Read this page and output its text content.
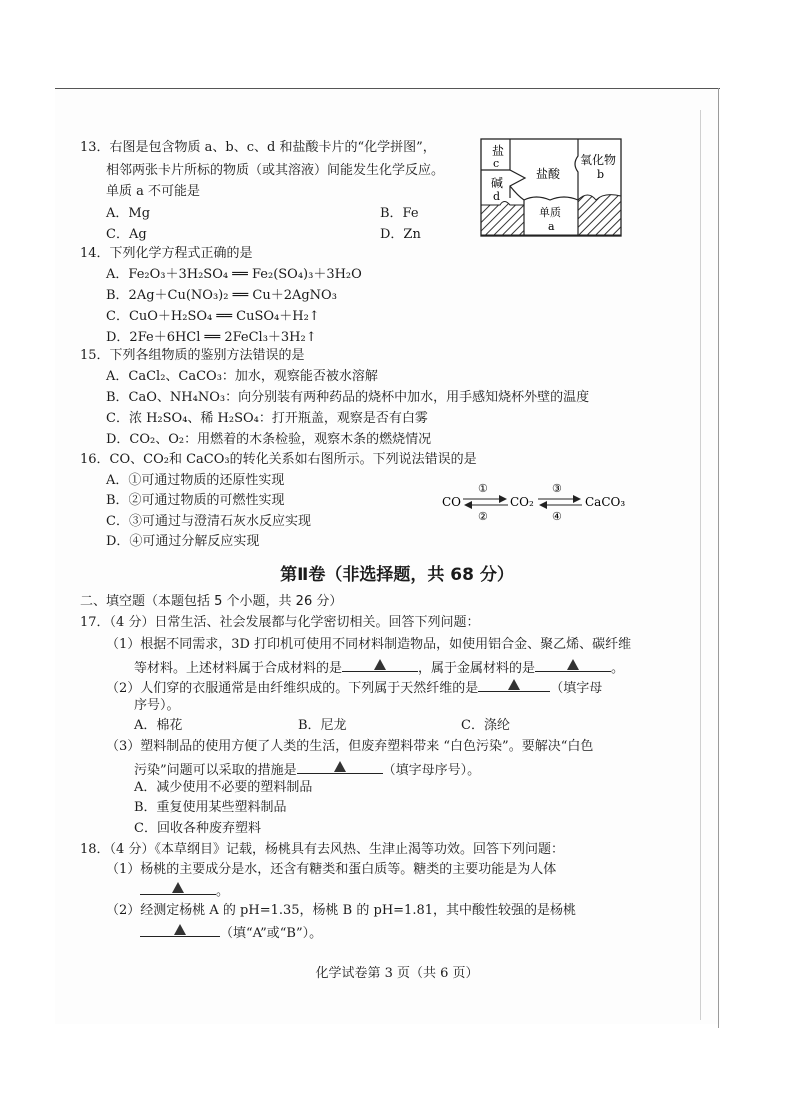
13．右图是包含物质 a、b、c、d 和盐酸卡片的“化学拼图”，
相邻两张卡片所标的物质（或其溶液）间能发生化学反应。
单质 a 不可能是
A．Mg	B．Fe
C．Ag	D．Zn
盐
c
碱
d
盐酸
氧化物
b
单质
a
14．下列化学方程式正确的是
A．Fe₂O₃＋3H₂SO₄ ══ Fe₂(SO₄)₃＋3H₂O
B．2Ag＋Cu(NO₃)₂ ══ Cu＋2AgNO₃
C．CuO＋H₂SO₄ ══ CuSO₄＋H₂↑
D．2Fe＋6HCl ══ 2FeCl₃＋3H₂↑
15．下列各组物质的鉴别方法错误的是
A．CaCl₂、CaCO₃：加水，观察能否被水溶解
B．CaO、NH₄NO₃：向分别装有两种药品的烧杯中加水，用手感知烧杯外壁的温度
C．浓 H₂SO₄、稀 H₂SO₄：打开瓶盖，观察是否有白雾
D．CO₂、O₂：用燃着的木条检验，观察木条的燃烧情况
16．CO、CO₂和 CaCO₃的转化关系如右图所示。下列说法错误的是
A．①可通过物质的还原性实现
B．②可通过物质的可燃性实现
C．③可通过与澄清石灰水反应实现
D．④可通过分解反应实现
CO
①
②
CO₂
③
④
CaCO₃
第Ⅱ卷（非选择题，共 68 分）
二、填空题（本题包括 5 个小题，共 26 分）
17．（4 分）日常生活、社会发展都与化学密切相关。回答下列问题：
（1）根据不同需求，3D 打印机可使用不同材料制造物品，如使用铝合金、聚乙烯、碳纤维
等材料。上述材料属于合成材料的是	，属于金属材料的是	。
（2）人们穿的衣服通常是由纤维织成的。下列属于天然纤维的是	（填字母
序号）。
A．棉花	B．尼龙	C．涤纶
（3）塑料制品的使用方便了人类的生活，但废弃塑料带来 “白色污染”。要解决“白色
污染”问题可以采取的措施是	（填字母序号）。
A．减少使用不必要的塑料制品
B．重复使用某些塑料制品
C．回收各种废弃塑料
18．（4 分）《本草纲目》记载，杨桃具有去风热、生津止渴等功效。回答下列问题：
（1）杨桃的主要成分是水，还含有糖类和蛋白质等。糖类的主要功能是为人体
。
（2）经测定杨桃 A 的 pH=1.35，杨桃 B 的 pH=1.81，其中酸性较强的是杨桃
（填“A”或“B”）。
化学试卷第 3 页（共 6 页）
